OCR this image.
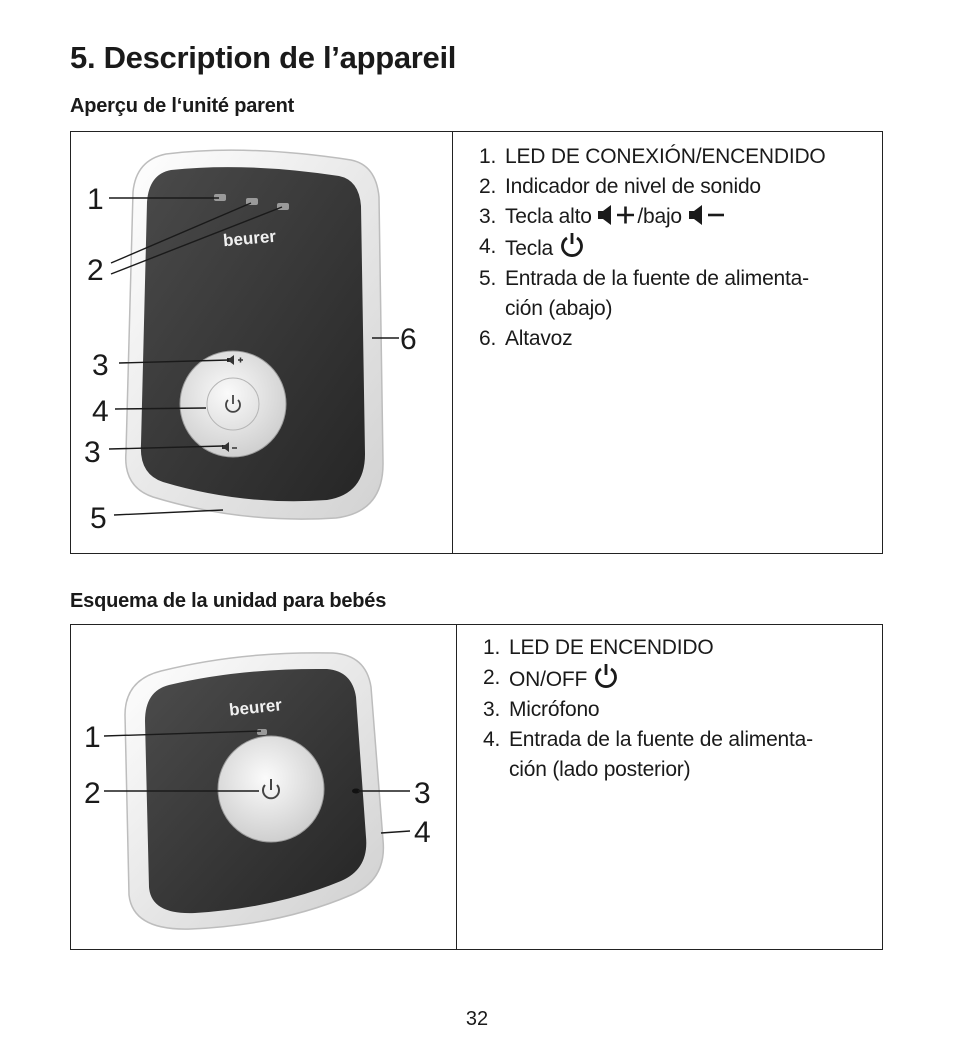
5. Description de l’appareil
Aperçu de l‘unité parent
beurer
1
2
3
4
3
5
6
1. LED DE CONEXIÓN/ENCENDIDO
2. Indicador de nivel de sonido
3. Tecla alto /bajo
4. Tecla
5. Entrada de la fuente de alimenta-
ción (abajo)
6. Altavoz
Esquema de la unidad para bebés
beurer
1
2	3
4
1. LED DE ENCENDIDO
2. ON/OFF
3. Micrófono
4. Entrada de la fuente de alimenta-
ción (lado posterior)
32
